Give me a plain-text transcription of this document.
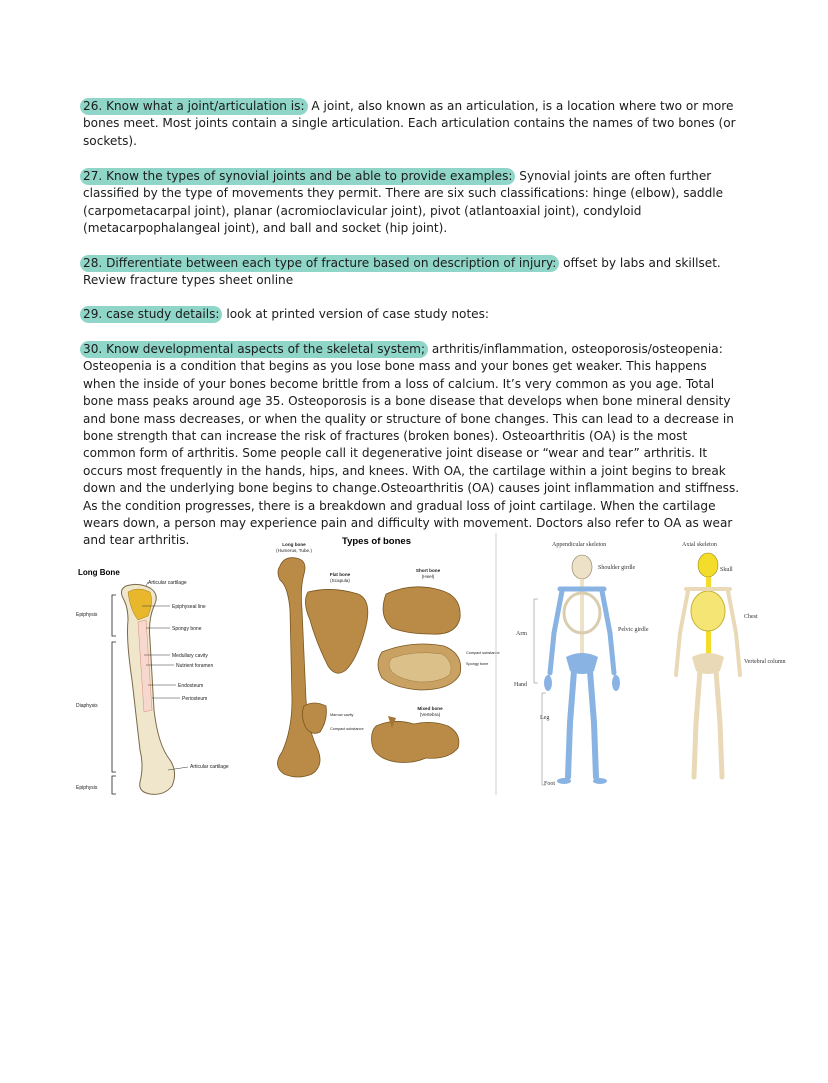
26. Know what a joint/articulation is: A joint, also known as an articulation, is a location where two or more bones meet. Most joints contain a single articulation. Each articulation contains the names of two bones (or sockets).
27. Know the types of synovial joints and be able to provide examples: Synovial joints are often further classified by the type of movements they permit. There are six such classifications: hinge (elbow), saddle (carpometacarpal joint), planar (acromioclavicular joint), pivot (atlantoaxial joint), condyloid (metacarpophalangeal joint), and ball and socket (hip joint).
28. Differentiate between each type of fracture based on description of injury: offset by labs and skillset. Review fracture types sheet online
29. case study details: look at printed version of case study notes:
30. Know developmental aspects of the skeletal system; arthritis/inflammation, osteoporosis/osteopenia: Osteopenia is a condition that begins as you lose bone mass and your bones get weaker. This happens when the inside of your bones become brittle from a loss of calcium. It’s very common as you age. Total bone mass peaks around age 35. Osteoporosis is a bone disease that develops when bone mineral density and bone mass decreases, or when the quality or structure of bone changes. This can lead to a decrease in bone strength that can increase the risk of fractures (broken bones). Osteoarthritis (OA) is the most common form of arthritis. Some people call it degenerative joint disease or “wear and tear” arthritis. It occurs most frequently in the hands, hips, and knees. With OA, the cartilage within a joint begins to break down and the underlying bone begins to change.Osteoarthritis (OA) causes joint inflammation and stiffness. As the condition progresses, there is a breakdown and gradual loss of joint cartilage. When the cartilage wears down, a person may experience pain and difficulty with movement. Doctors also refer to OA as wear and tear arthritis.
Long Bone
Articular cartilage
Epiphyseal line
Spongy bone
Medullary cavity
Nutrient foramen
Endosteum
Periosteum
Articular cartilage
Epiphysis
Diaphysis
Epiphysis
Types of bones
Long bone
(Humerus, Tube.)
Flat bone
(Scapula)
Short bone
(Heel)
Mixed bone
(Vertebra)
Compact substance
Spongy bone
Marrow cavity
Compact substance
Appendicular skeleton	Axial skeleton
Shoulder girdle
Pelvic girdle
Arm
Hand
Leg
Foot
Skull
Chest
Vertebral column
